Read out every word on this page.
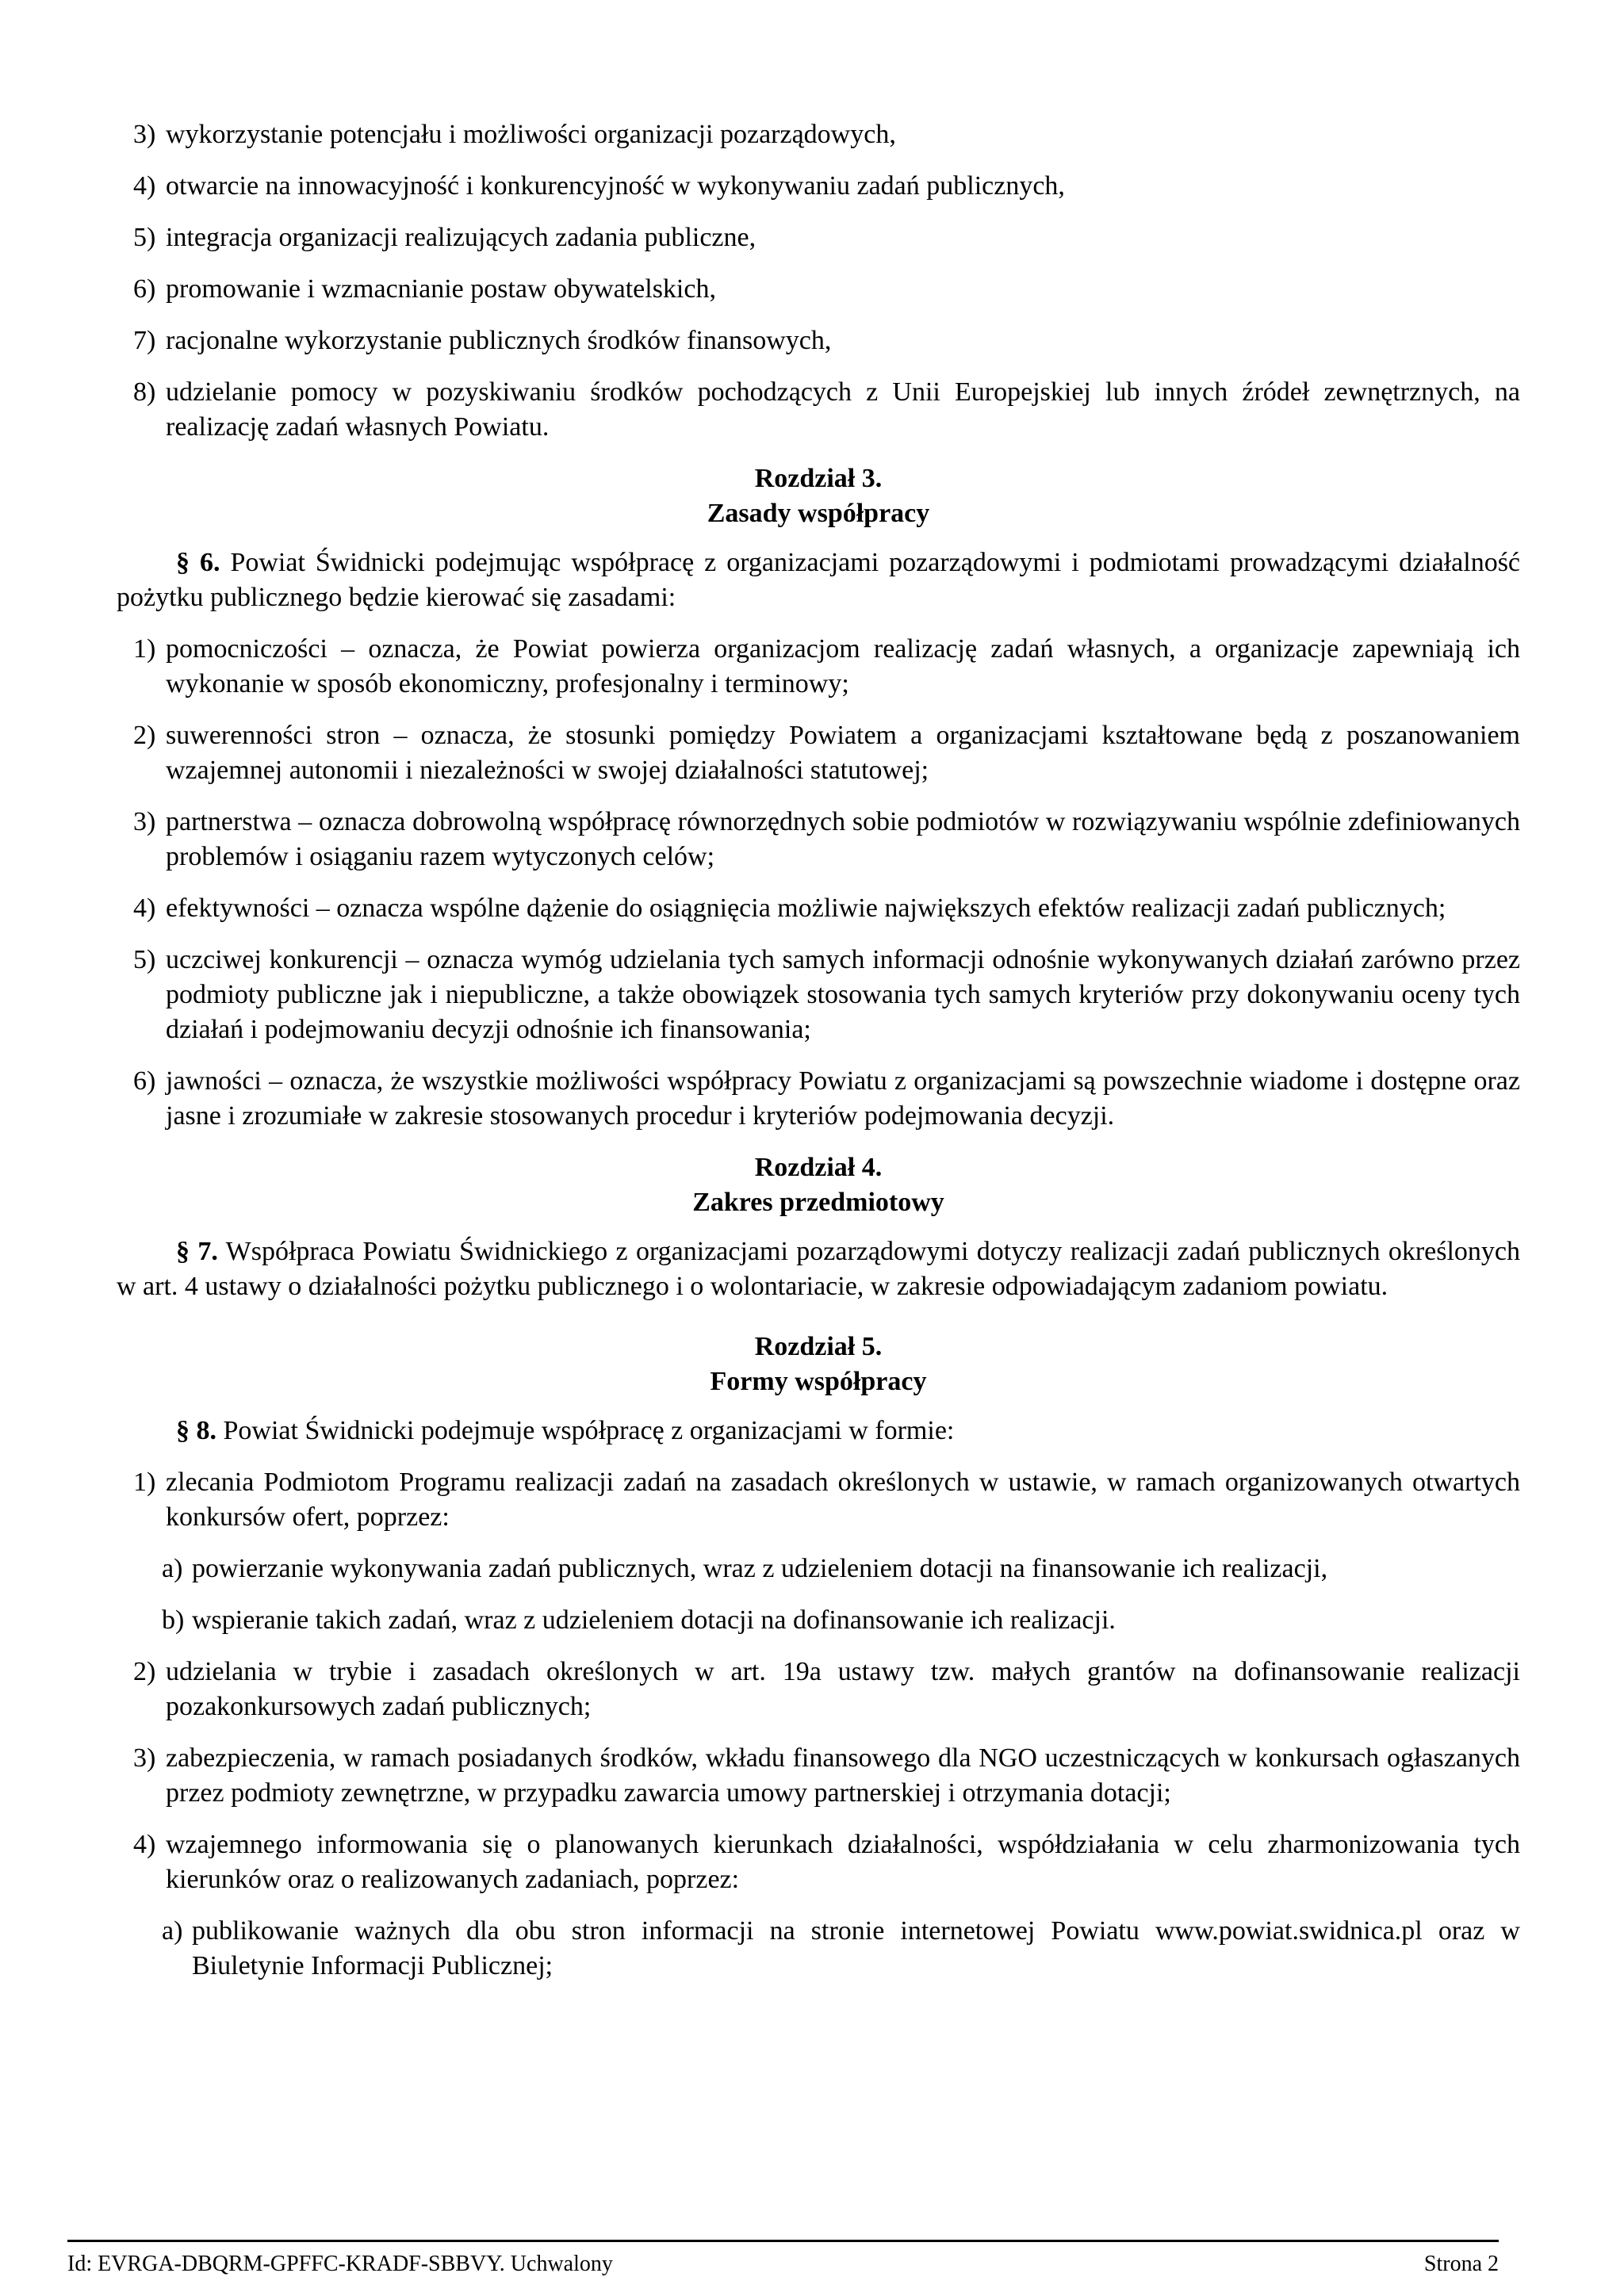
3) wykorzystanie potencjału i możliwości organizacji pozarządowych,
4) otwarcie na innowacyjność i konkurencyjność w wykonywaniu zadań publicznych,
5) integracja organizacji realizujących zadania publiczne,
6) promowanie i wzmacnianie postaw obywatelskich,
7) racjonalne wykorzystanie publicznych środków finansowych,
8) udzielanie pomocy w pozyskiwaniu środków pochodzących z Unii Europejskiej lub innych źródeł zewnętrznych, na realizację zadań własnych Powiatu.
Rozdział 3.
Zasady współpracy
§ 6. Powiat Świdnicki podejmując współpracę z organizacjami pozarządowymi i podmiotami prowadzącymi działalność pożytku publicznego będzie kierować się zasadami:
1) pomocniczości – oznacza, że Powiat powierza organizacjom realizację zadań własnych, a organizacje zapewniają ich wykonanie w sposób ekonomiczny, profesjonalny i terminowy;
2) suwerenności stron – oznacza, że stosunki pomiędzy Powiatem a organizacjami kształtowane będą z poszanowaniem wzajemnej autonomii i niezależności w swojej działalności statutowej;
3) partnerstwa – oznacza dobrowolną współpracę równorzędnych sobie podmiotów w rozwiązywaniu wspólnie zdefiniowanych problemów i osiąganiu razem wytyczonych celów;
4) efektywności – oznacza wspólne dążenie do osiągnięcia możliwie największych efektów realizacji zadań publicznych;
5) uczciwej konkurencji – oznacza wymóg udzielania tych samych informacji odnośnie wykonywanych działań zarówno przez podmioty publiczne jak i niepubliczne, a także obowiązek stosowania tych samych kryteriów przy dokonywaniu oceny tych działań i podejmowaniu decyzji odnośnie ich finansowania;
6) jawności – oznacza, że wszystkie możliwości współpracy Powiatu z organizacjami są powszechnie wiadome i dostępne oraz jasne i zrozumiałe w zakresie stosowanych procedur i kryteriów podejmowania decyzji.
Rozdział 4.
Zakres przedmiotowy
§ 7. Współpraca Powiatu Świdnickiego z organizacjami pozarządowymi dotyczy realizacji zadań publicznych określonych w art. 4 ustawy o działalności pożytku publicznego i o wolontariacie, w zakresie odpowiadającym zadaniom powiatu.
Rozdział 5.
Formy współpracy
§ 8. Powiat Świdnicki podejmuje współpracę z organizacjami w formie:
1) zlecania Podmiotom Programu realizacji zadań na zasadach określonych w ustawie, w ramach organizowanych otwartych konkursów ofert, poprzez:
a) powierzanie wykonywania zadań publicznych, wraz z udzieleniem dotacji na finansowanie ich realizacji,
b) wspieranie takich zadań, wraz z udzieleniem dotacji na dofinansowanie ich realizacji.
2) udzielania w trybie i zasadach określonych w art. 19a ustawy tzw. małych grantów na dofinansowanie realizacji pozakonkursowych zadań publicznych;
3) zabezpieczenia, w ramach posiadanych środków, wkładu finansowego dla NGO uczestniczących w konkursach ogłaszanych przez podmioty zewnętrzne, w przypadku zawarcia umowy partnerskiej i otrzymania dotacji;
4) wzajemnego informowania się o planowanych kierunkach działalności, współdziałania w celu zharmonizowania tych kierunków oraz o realizowanych zadaniach, poprzez:
a) publikowanie ważnych dla obu stron informacji na stronie internetowej Powiatu www.powiat.swidnica.pl oraz w Biuletynie Informacji Publicznej;
Id: EVRGA-DBQRM-GPFFC-KRADF-SBBVY. Uchwalony	Strona 2
